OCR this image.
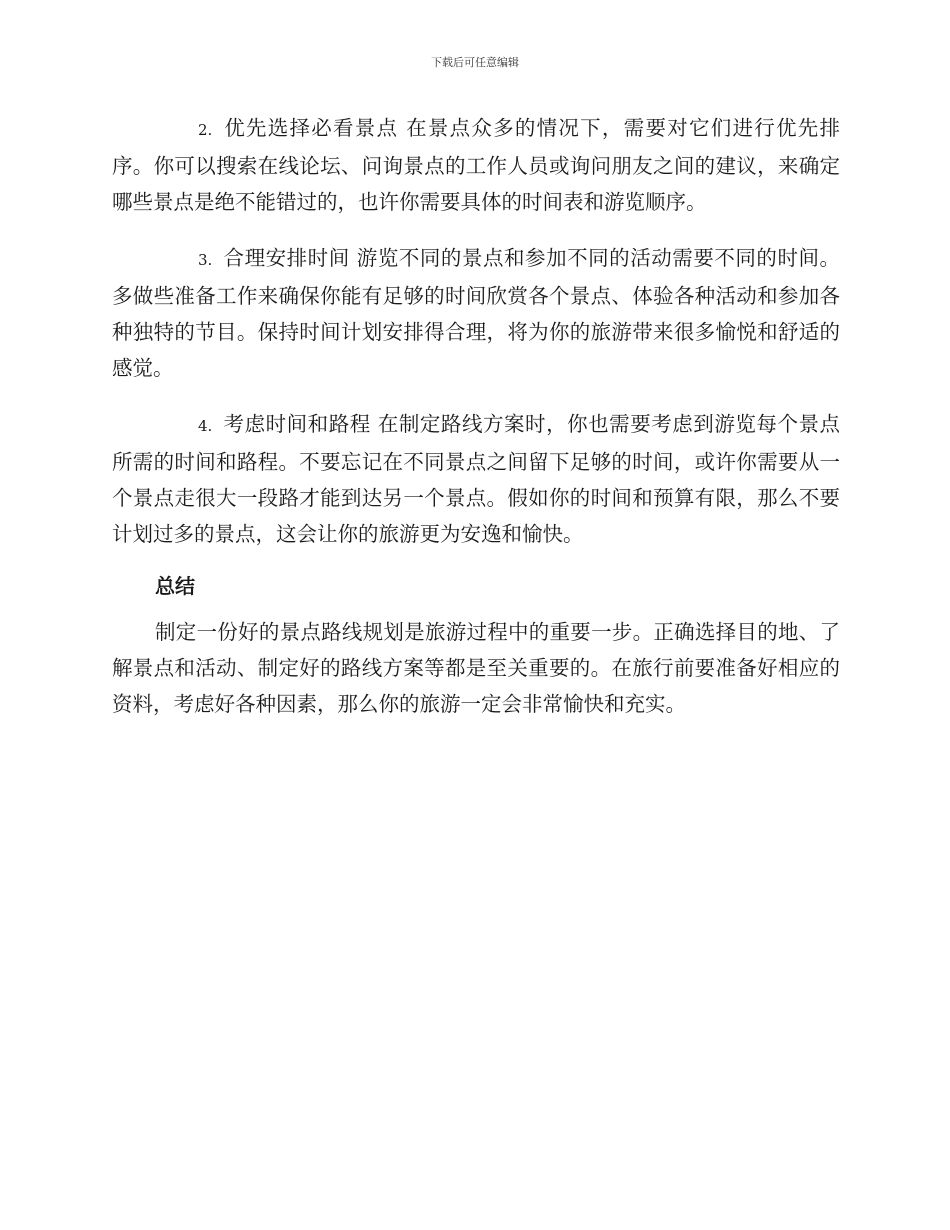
下载后可任意编辑

2. 优先选择必看景点 在景点众多的情况下，需要对它们进行优先排序。你可以搜索在线论坛、问询景点的工作人员或询问朋友之间的建议，来确定哪些景点是绝不能错过的，也许你需要具体的时间表和游览顺序。

3. 合理安排时间 游览不同的景点和参加不同的活动需要不同的时间。多做些准备工作来确保你能有足够的时间欣赏各个景点、体验各种活动和参加各种独特的节目。保持时间计划安排得合理，将为你的旅游带来很多愉悦和舒适的感觉。

4. 考虑时间和路程 在制定路线方案时，你也需要考虑到游览每个景点所需的时间和路程。不要忘记在不同景点之间留下足够的时间，或许你需要从一个景点走很大一段路才能到达另一个景点。假如你的时间和预算有限，那么不要计划过多的景点，这会让你的旅游更为安逸和愉快。

总结

制定一份好的景点路线规划是旅游过程中的重要一步。正确选择目的地、了解景点和活动、制定好的路线方案等都是至关重要的。在旅行前要准备好相应的资料，考虑好各种因素，那么你的旅游一定会非常愉快和充实。
